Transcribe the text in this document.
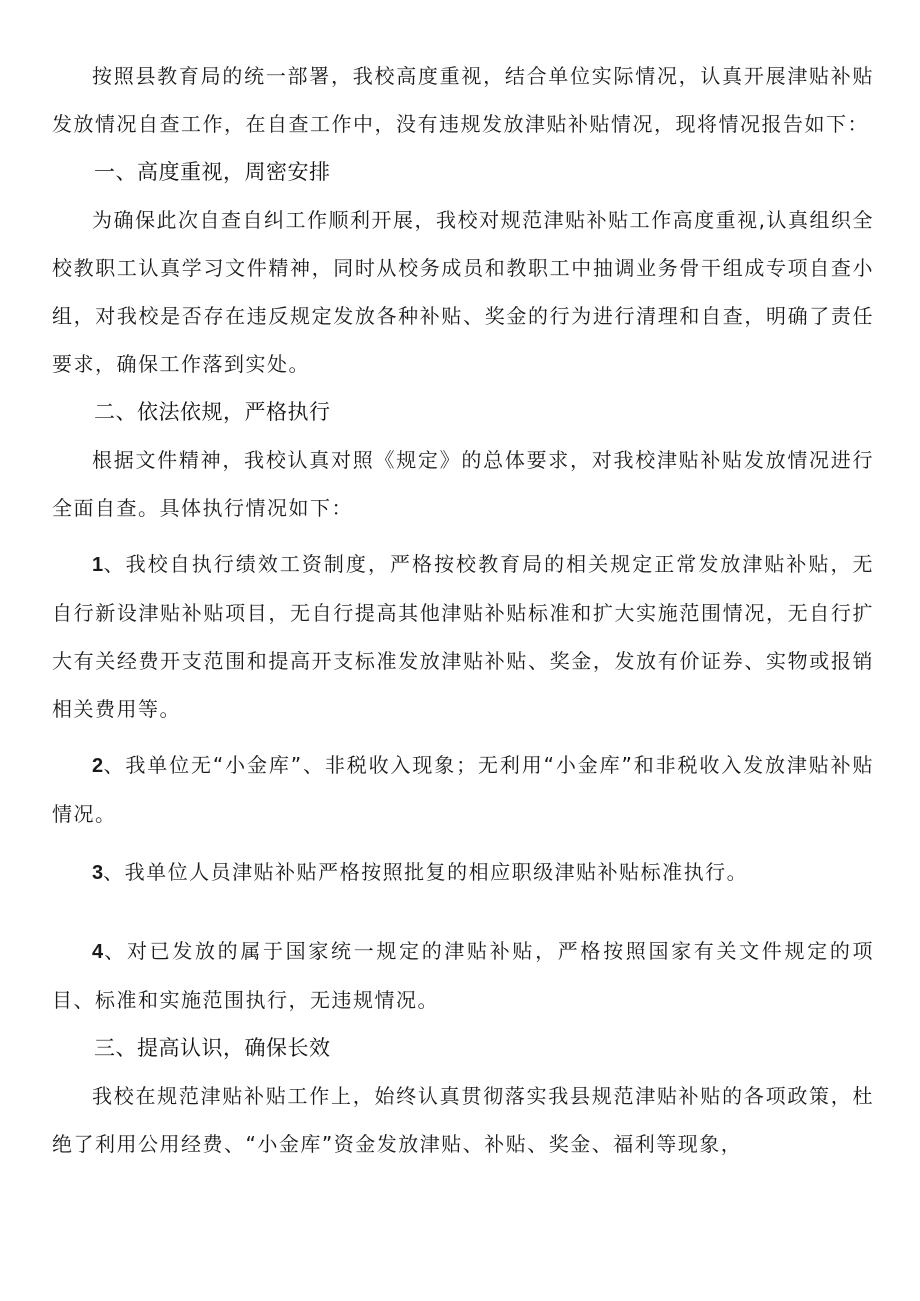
按照县教育局的统一部署，我校高度重视，结合单位实际情况，认真开展津贴补贴发放情况自查工作，在自查工作中，没有违规发放津贴补贴情况，现将情况报告如下：

一、高度重视，周密安排

为确保此次自查自纠工作顺利开展，我校对规范津贴补贴工作高度重视,认真组织全校教职工认真学习文件精神，同时从校务成员和教职工中抽调业务骨干组成专项自查小组，对我校是否存在违反规定发放各种补贴、奖金的行为进行清理和自查，明确了责任要求，确保工作落到实处。

二、依法依规，严格执行

根据文件精神，我校认真对照《规定》的总体要求，对我校津贴补贴发放情况进行全面自查。具体执行情况如下：

1、我校自执行绩效工资制度，严格按校教育局的相关规定正常发放津贴补贴，无自行新设津贴补贴项目，无自行提高其他津贴补贴标准和扩大实施范围情况，无自行扩大有关经费开支范围和提高开支标准发放津贴补贴、奖金，发放有价证券、实物或报销相关费用等。

2、我单位无“小金库”、非税收入现象；无利用“小金库”和非税收入发放津贴补贴情况。

3、我单位人员津贴补贴严格按照批复的相应职级津贴补贴标准执行。

4、对已发放的属于国家统一规定的津贴补贴，严格按照国家有关文件规定的项目、标准和实施范围执行，无违规情况。

三、提高认识，确保长效

我校在规范津贴补贴工作上，始终认真贯彻落实我县规范津贴补贴的各项政策，杜绝了利用公用经费、“小金库”资金发放津贴、补贴、奖金、福利等现象，
